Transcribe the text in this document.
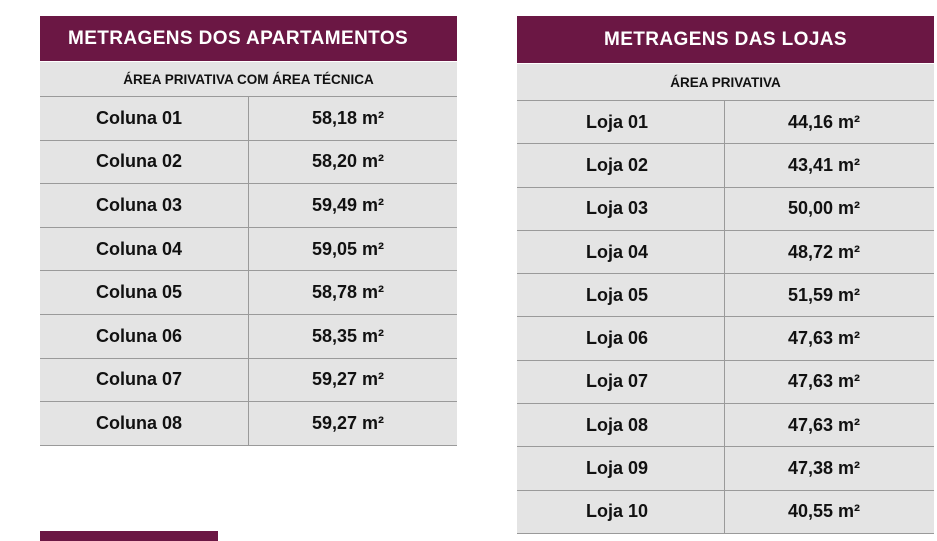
METRAGENS DOS APARTAMENTOS
ÁREA PRIVATIVA COM ÁREA TÉCNICA
Coluna 01	58,18 m²
Coluna 02	58,20 m²
Coluna 03	59,49 m²
Coluna 04	59,05 m²
Coluna 05	58,78 m²
Coluna 06	58,35 m²
Coluna 07	59,27 m²
Coluna 08	59,27 m²
METRAGENS DAS LOJAS
ÁREA PRIVATIVA
Loja 01	44,16 m²
Loja 02	43,41 m²
Loja 03	50,00 m²
Loja 04	48,72 m²
Loja 05	51,59 m²
Loja 06	47,63 m²
Loja 07	47,63 m²
Loja 08	47,63 m²
Loja 09	47,38 m²
Loja 10	40,55 m²
